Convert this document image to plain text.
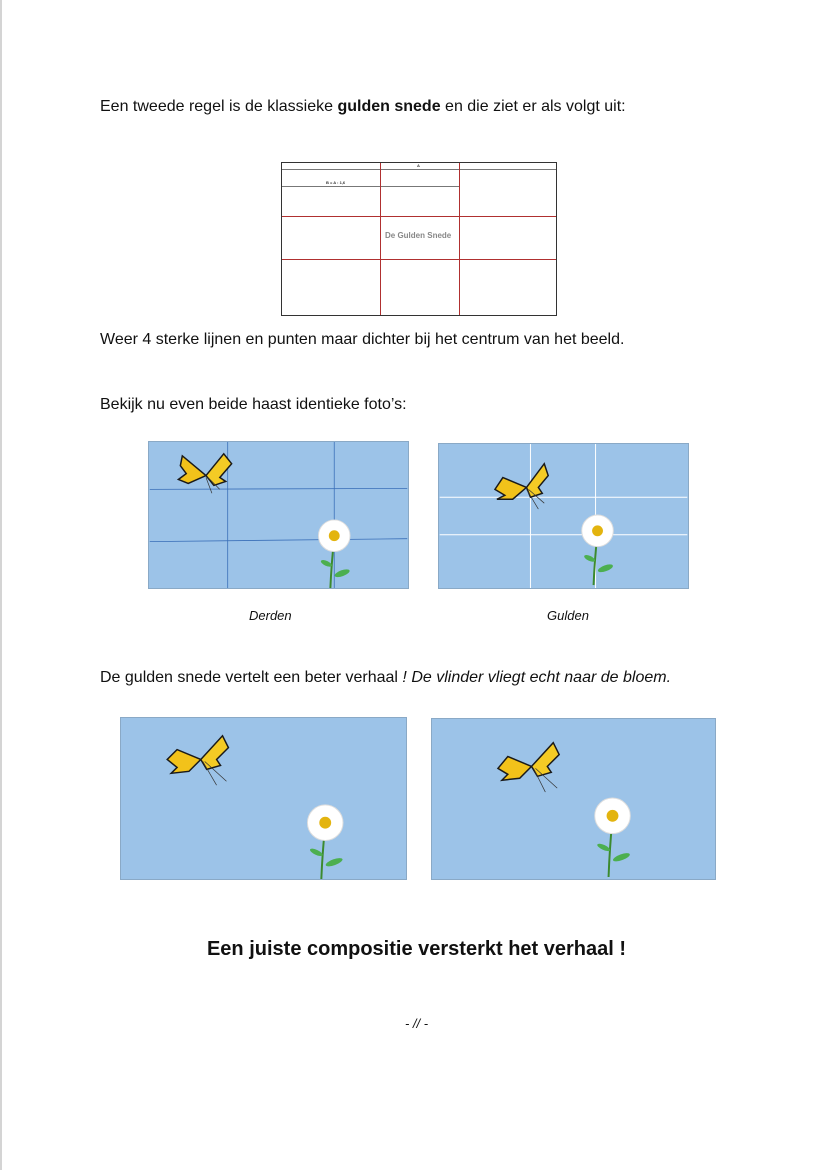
Een tweede regel is de klassieke gulden snede en die ziet er als volgt uit:

A
B = A : 1,6
De Gulden Snede

Weer 4 sterke lijnen en punten maar dichter bij het centrum van het beeld.

Bekijk nu even beide haast identieke foto’s:

Derden	Gulden

De gulden snede vertelt een beter verhaal ! De vlinder vliegt echt naar de bloem.

Een juiste compositie versterkt het verhaal !
- // -
